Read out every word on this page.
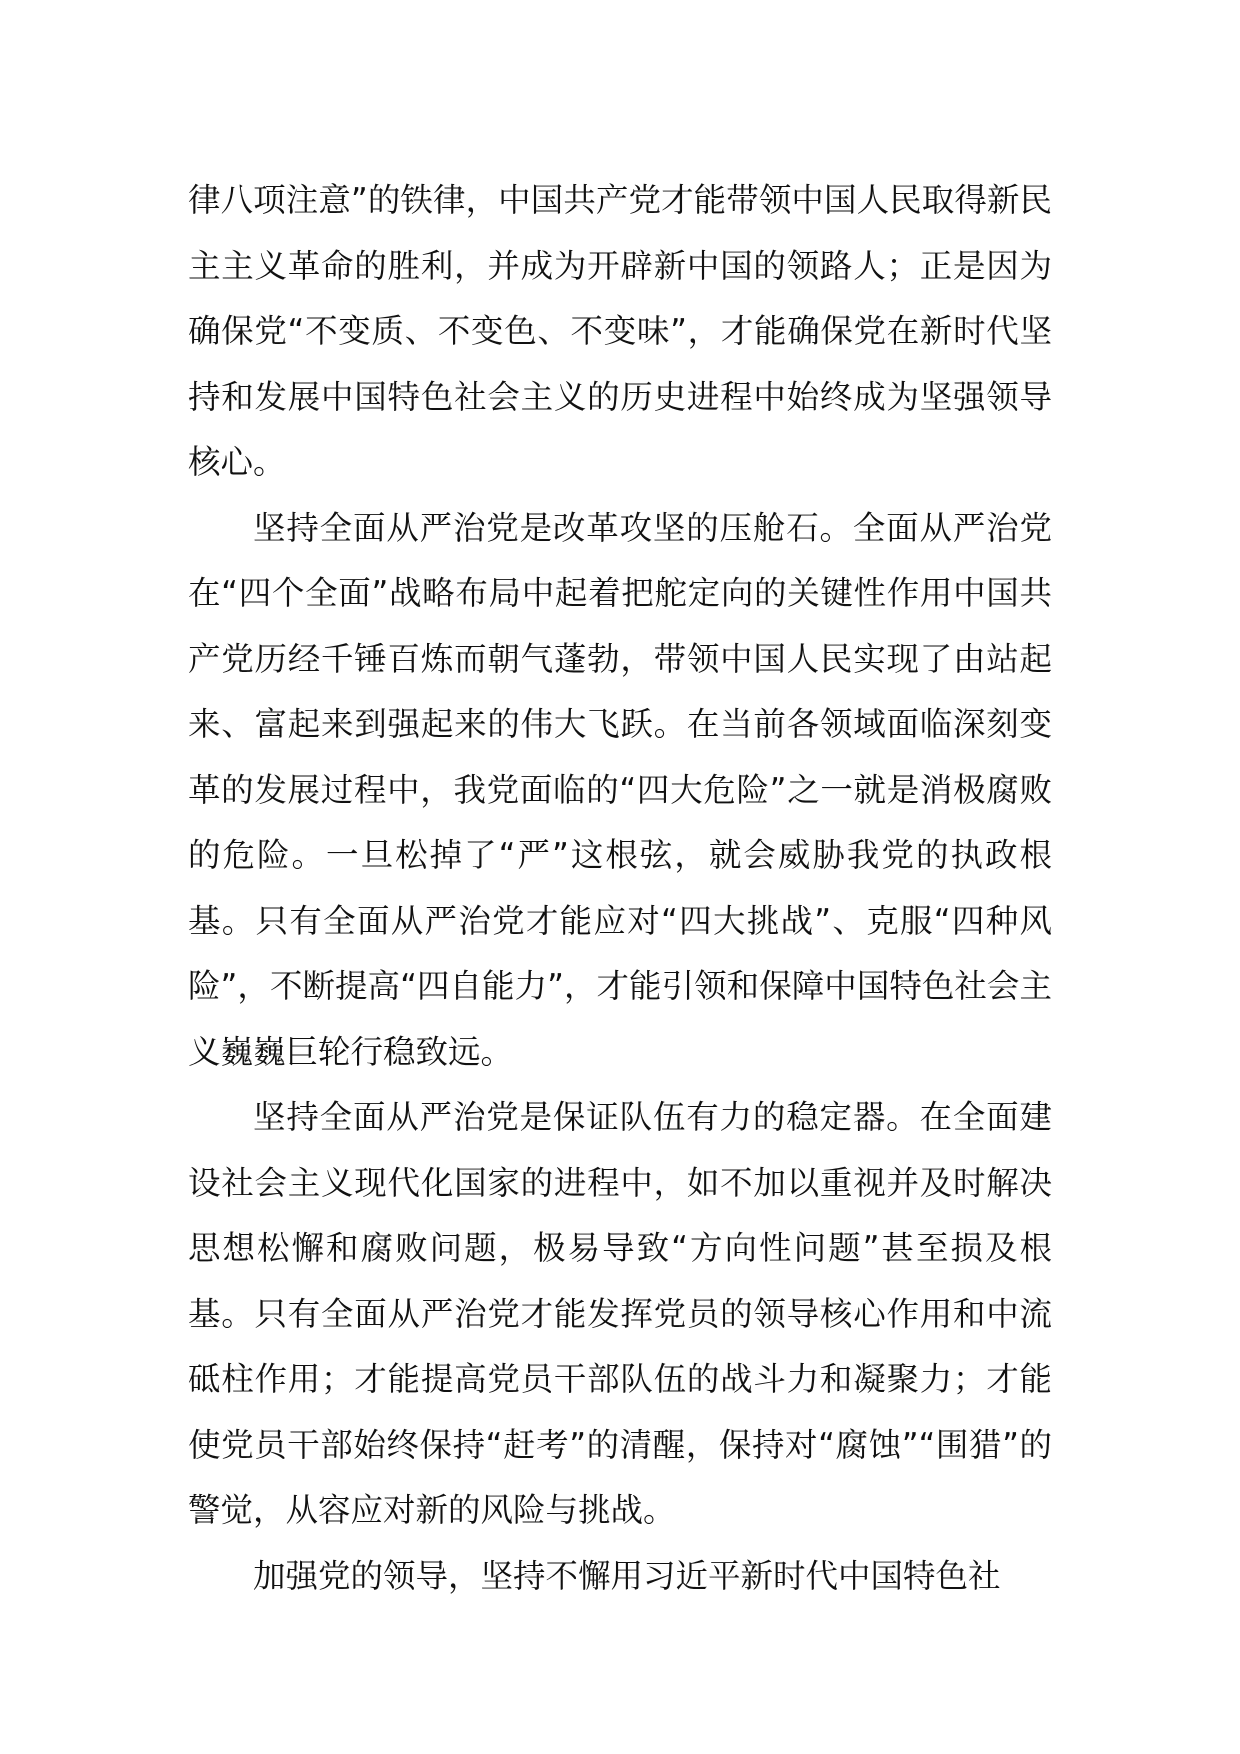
律八项注意”的铁律，中国共产党才能带领中国人民取得新民主主义革命的胜利，并成为开辟新中国的领路人；正是因为确保党“不变质、不变色、不变味”，才能确保党在新时代坚持和发展中国特色社会主义的历史进程中始终成为坚强领导核心。

坚持全面从严治党是改革攻坚的压舱石。全面从严治党在“四个全面”战略布局中起着把舵定向的关键性作用中国共产党历经千锤百炼而朝气蓬勃，带领中国人民实现了由站起来、富起来到强起来的伟大飞跃。在当前各领域面临深刻变革的发展过程中，我党面临的“四大危险”之一就是消极腐败的危险。一旦松掉了“严”这根弦，就会威胁我党的执政根基。只有全面从严治党才能应对“四大挑战”、克服“四种风险”，不断提高“四自能力”，才能引领和保障中国特色社会主义巍巍巨轮行稳致远。

坚持全面从严治党是保证队伍有力的稳定器。在全面建设社会主义现代化国家的进程中，如不加以重视并及时解决思想松懈和腐败问题，极易导致“方向性问题”甚至损及根基。只有全面从严治党才能发挥党员的领导核心作用和中流砥柱作用；才能提高党员干部队伍的战斗力和凝聚力；才能使党员干部始终保持“赶考”的清醒，保持对“腐蚀”“围猎”的警觉，从容应对新的风险与挑战。

加强党的领导，坚持不懈用习近平新时代中国特色社
